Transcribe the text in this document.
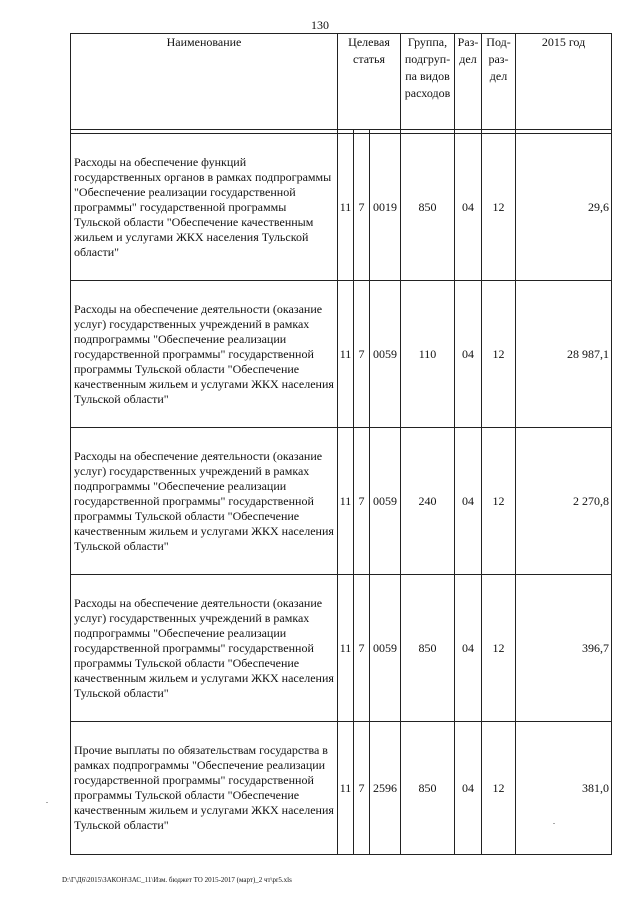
130
Наименование	Целевая статья			Группа, подгруп- па видов расходов	Раз- дел	Под- раз- дел	2015 год

Расходы на обеспечение функций государственных органов в рамках подпрограммы "Обеспечение реализации государственной программы" государственной программы Тульской области "Обеспечение качественным жильем и услугами ЖКХ населения Тульской области"	11	7	0019	850	04	12	29,6
Расходы на обеспечение деятельности (оказание услуг) государственных учреждений в рамках подпрограммы "Обеспечение реализации государственной программы" государственной программы Тульской области "Обеспечение качественным жильем и услугами ЖКХ населения Тульской области"	11	7	0059	110	04	12	28 987,1
Расходы на обеспечение деятельности (оказание услуг) государственных учреждений в рамках подпрограммы "Обеспечение реализации государственной программы" государственной программы Тульской области "Обеспечение качественным жильем и услугами ЖКХ населения Тульской области"	11	7	0059	240	04	12	2 270,8
Расходы на обеспечение деятельности (оказание услуг) государственных учреждений в рамках подпрограммы "Обеспечение реализации государственной программы" государственной программы Тульской области "Обеспечение качественным жильем и услугами ЖКХ населения Тульской области"	11	7	0059	850	04	12	396,7
Прочие выплаты по обязательствам государства в рамках подпрограммы "Обеспечение реализации государственной программы" государственной программы Тульской области "Обеспечение качественным жильем и услугами ЖКХ населения Тульской области"	11	7	2596	850	04	12	381,0
.
.
D:\Г\Д6\2015\ЗАКОН\ЗАС_11\Изм. бюджет ТО 2015-2017 (март)_2 чт\pr5.xls
